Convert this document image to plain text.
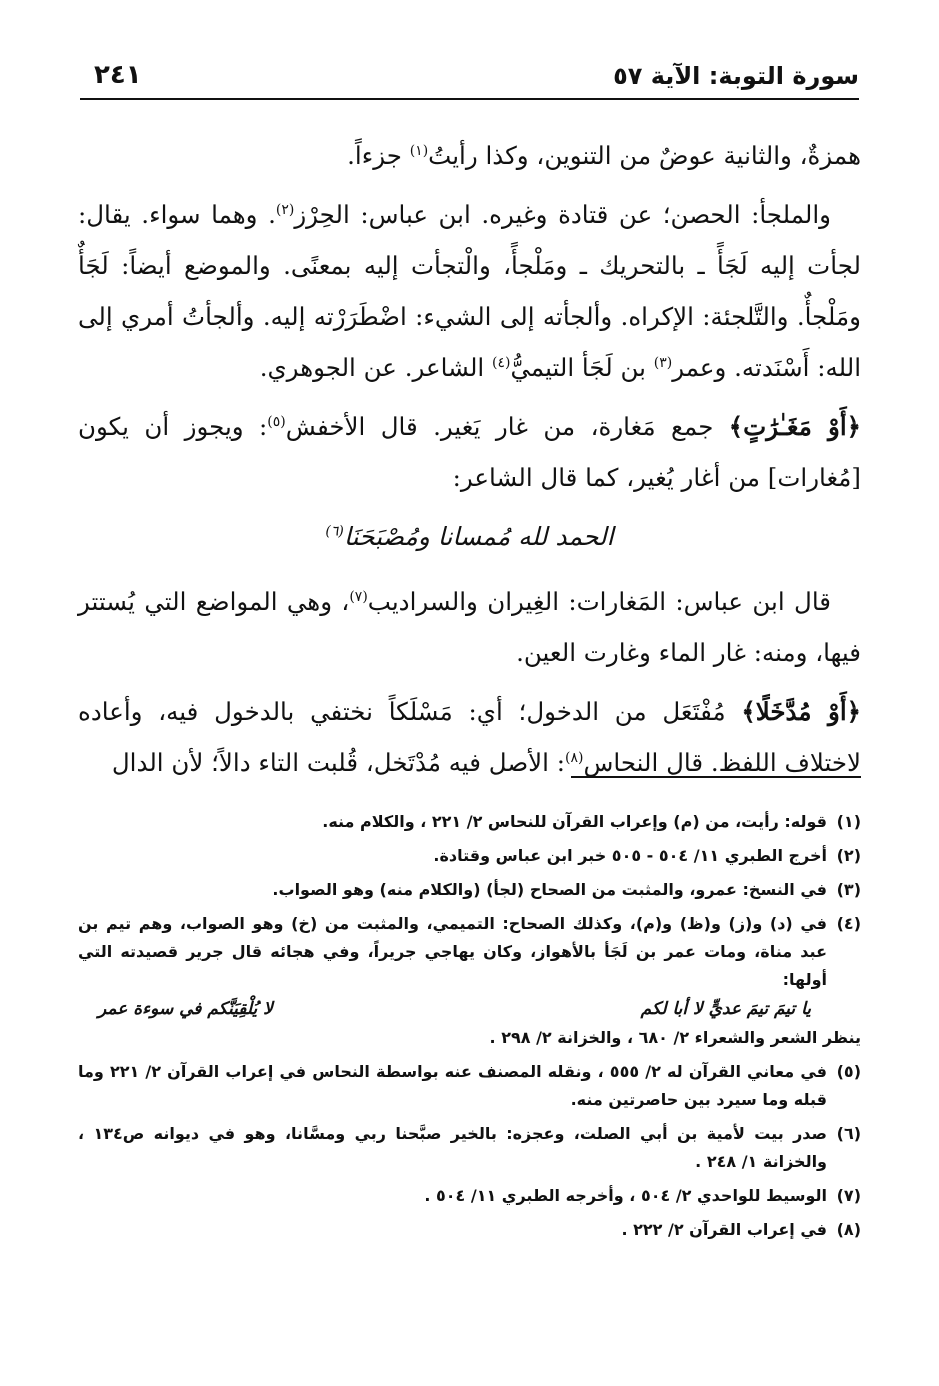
سورة التوبة: الآية ٥٧
٢٤١

همزةٌ، والثانية عوضٌ من التنوين، وكذا رأيتُ$^{(١)}$ جزءاً.

والملجأ: الحصن؛ عن قتادة وغيره. ابن عباس: الحِرْز$^{(٢)}$. وهما سواء. يقال: لجأت إليه لَجَأً ـ بالتحريك ـ ومَلْجأً، والْتجأت إليه بمعنًى. والموضع أيضاً: لَجَأٌ ومَلْجأٌ. والتَّلجئة: الإكراه. وألجأته إلى الشيء: اضْطَرَرْته إليه. وألجأتُ أمري إلى الله: أَسْنَدته. وعمر$^{(٣)}$ بن لَجَأ التيميُّ$^{(٤)}$ الشاعر. عن الجوهري.

﴿أَوْ مَغَـٰرَٰتٍ﴾ جمع مَغارة، من غار يَغير. قال الأخفش$^{(٥)}$: ويجوز أن يكون [مُغارات] من أغار يُغير، كما قال الشاعر:

الحمد لله مُمسانا ومُصْبَحَنَا$^{(٦)}$

قال ابن عباس: المَغارات: الغِيران والسراديب$^{(٧)}$، وهي المواضع التي يُستتر فيها، ومنه: غار الماء وغارت العين.

﴿أَوْ مُدَّخَلًا﴾ مُفْتَعَل من الدخول؛ أي: مَسْلَكاً نختفي بالدخول فيه، وأعاده لاختلاف اللفظ. قال النحاس$^{(٨)}$: الأصل فيه مُدْتَخل، قُلبت التاء دالاً؛ لأن الدال

(١)قوله: رأيت، من (م) وإعراب القرآن للنحاس ٢/ ٢٢١ ، والكلام منه.
(٢)أخرج الطبري ١١/ ٥٠٤ - ٥٠٥ خبر ابن عباس وقتادة.
(٣)في النسخ: عمرو، والمثبت من الصحاح (لجأ) (والكلام منه) وهو الصواب.
(٤)في (د) و(ز) و(ظ) و(م)، وكذلك الصحاح: التميمي، والمثبت من (خ) وهو الصواب، وهم تيم بن عبد مناة، ومات عمر بن لَجَأ بالأهواز، وكان يهاجي جريراً، وفي هجائه قال جرير قصيدته التي أولها:
يا تيمَ تيمَ عديٍّ لا أبا لكم
لا يُلْقِيَنَّكم في سوءة عمر
ينظر الشعر والشعراء ٢/ ٦٨٠ ، والخزانة ٢/ ٢٩٨ .
(٥)في معاني القرآن له ٢/ ٥٥٥ ، ونقله المصنف عنه بواسطة النحاس في إعراب القرآن ٢/ ٢٢١ وما قبله وما سيرد بين حاصرتين منه.
(٦)صدر بيت لأمية بن أبي الصلت، وعجزه: بالخير صبَّحنا ربي ومسَّانا، وهو في ديوانه ص١٣٤ ، والخزانة ١/ ٢٤٨ .
(٧)الوسيط للواحدي ٢/ ٥٠٤ ، وأخرجه الطبري ١١/ ٥٠٤ .
(٨)في إعراب القرآن ٢/ ٢٢٢ .
